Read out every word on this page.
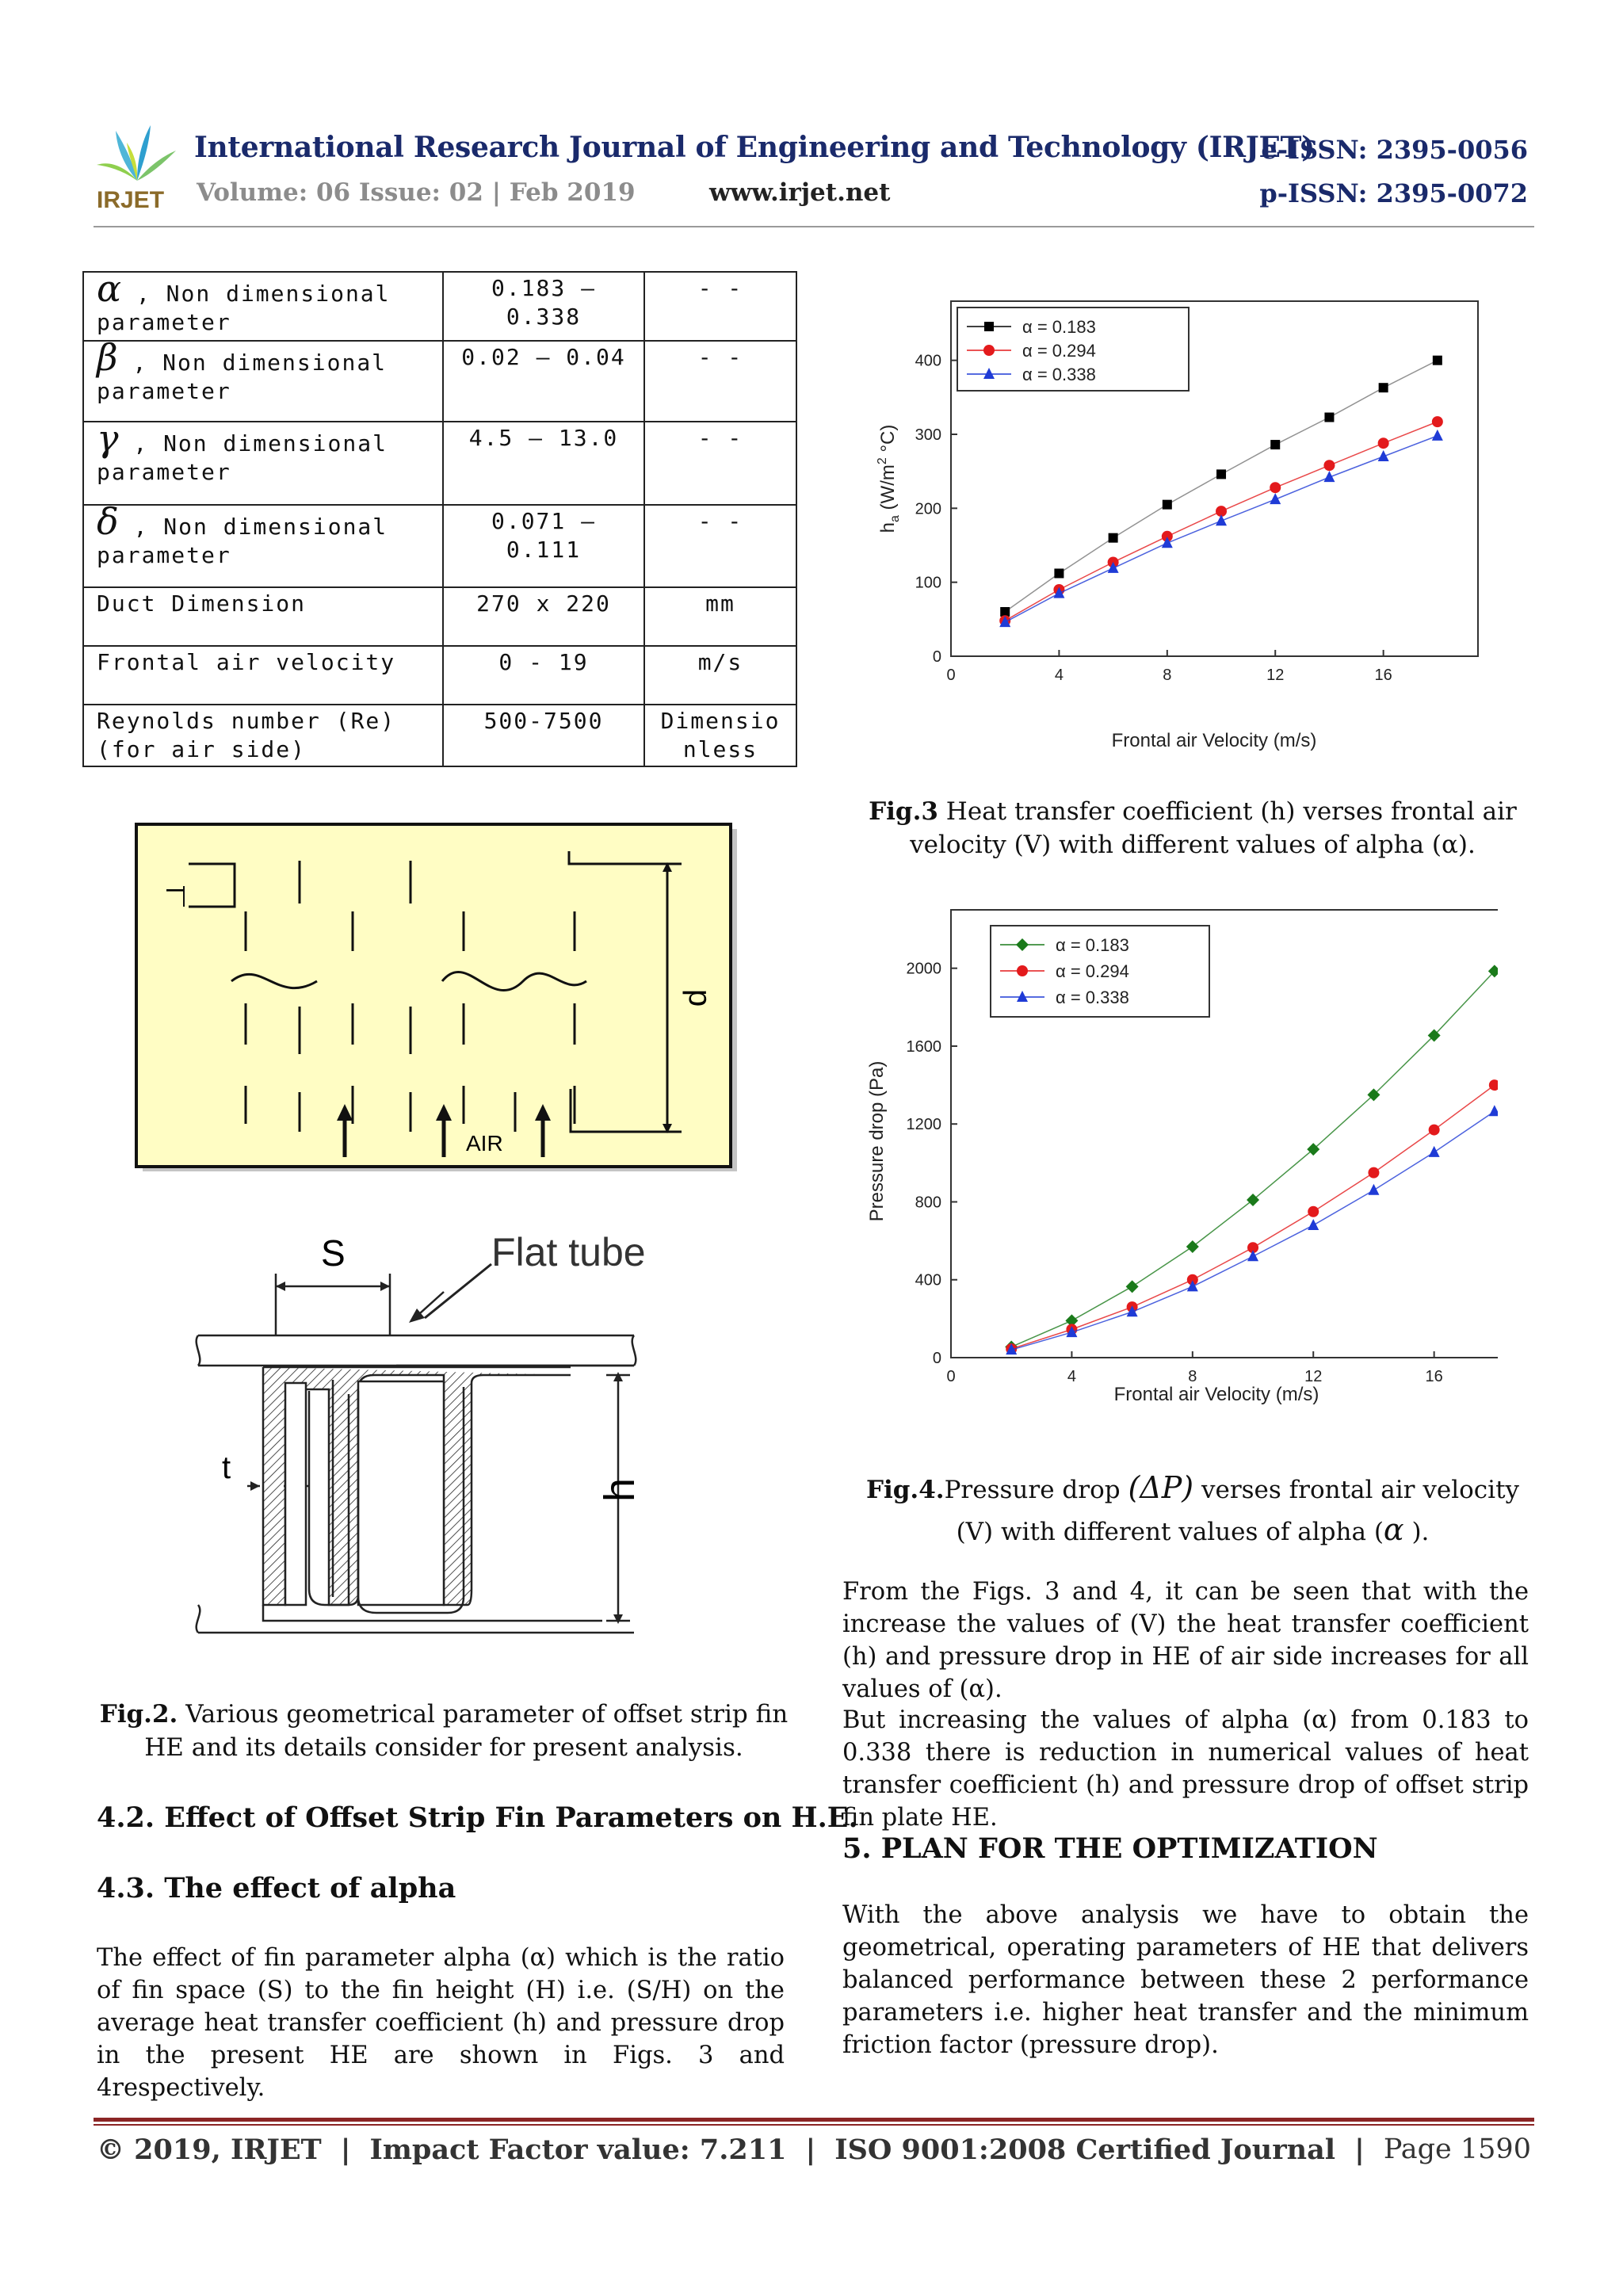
IRJET
International Research Journal of Engineering and Technology (IRJET)
e-ISSN: 2395-0056
Volume: 06 Issue: 02 | Feb 2019	www.irjet.net	p-ISSN: 2395-0072
α , Non dimensional parameter	0.183 – 0.338	- -
β , Non dimensional parameter	0.02 – 0.04	- -
γ , Non dimensional parameter	4.5 – 13.0	- -
δ , Non dimensional parameter	0.071 – 0.111	- -
Duct Dimension	270 x 220	mm
Frontal air velocity	0 - 19	m/s
Reynolds number (Re) (for air side)	500-7500	Dimensionless
AIR
p
l
S	Flat tube
t
h
Fig.2. Various geometrical parameter of offset strip fin HE and its details consider for present analysis.
4.2. Effect of Offset Strip Fin Parameters on H.E.
4.3. The effect of alpha
The effect of fin parameter alpha (α) which is the ratio of fin space (S) to the fin height (H) i.e. (S/H) on the average heat transfer coefficient (h) and pressure drop in the present HE are shown in Figs. 3 and 4respectively.
0	4	8	12	16
0
100
200
300
400
α = 0.183
α = 0.294
α = 0.338
Frontal air Velocity (m/s)
$h_a$ ($W/m^2$ °C)
Fig.3 Heat transfer coefficient (h) verses frontal air velocity (V) with different values of alpha (α).
0	4	8	12	16
0
400
800
1200
1600
2000
α = 0.183
α = 0.294
α = 0.338
Frontal air Velocity (m/s)
Pressure drop (Pa)
Fig.4.Pressure drop (ΔP) verses frontal air velocity (V) with different values of alpha (α ).
From the Figs. 3 and 4, it can be seen that with the increase the values of (V) the heat transfer coefficient (h) and pressure drop in HE of air side increases for all values of (α).
But increasing the values of alpha (α) from 0.183 to 0.338 there is reduction in numerical values of heat transfer coefficient (h) and pressure drop of offset strip fin plate HE.
5. PLAN FOR THE OPTIMIZATION
With the above analysis we have to obtain the geometrical, operating parameters of HE that delivers balanced performance between these 2 performance parameters i.e. higher heat transfer and the minimum friction factor (pressure drop).
© 2019, IRJET | Impact Factor value: 7.211 | ISO 9001:2008 Certified Journal | Page 1590
